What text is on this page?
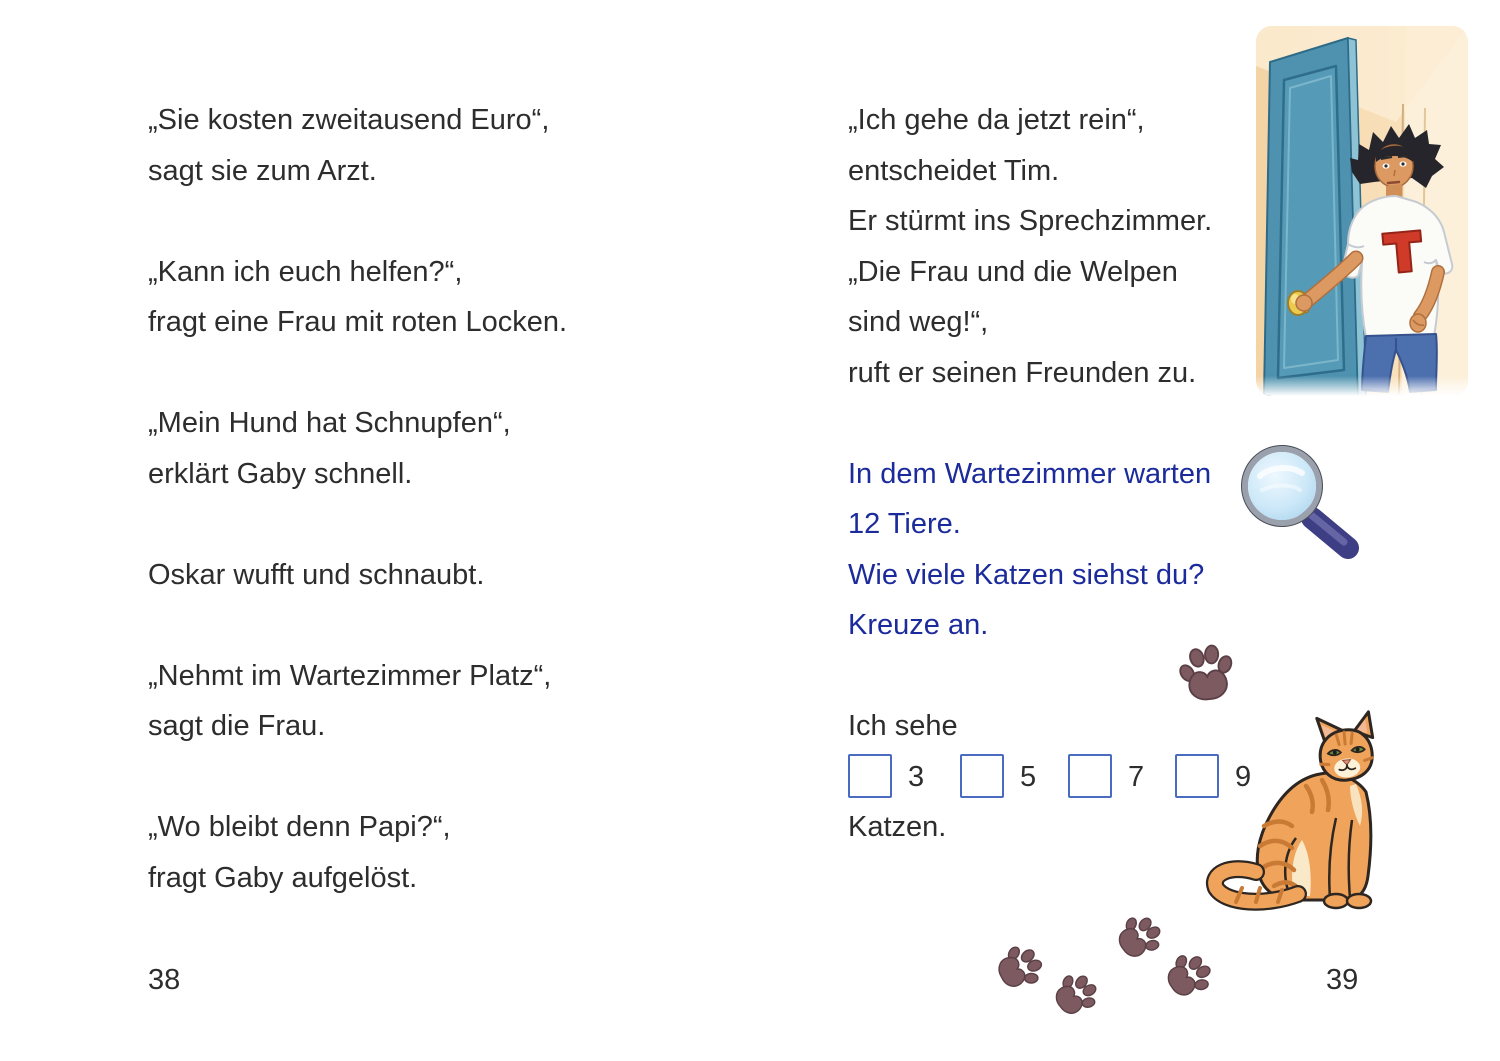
„Sie kosten zweitausend Euro“,
sagt sie zum Arzt.

„Kann ich euch helfen?“,
fragt eine Frau mit roten Locken.

„Mein Hund hat Schnupfen“,
erklärt Gaby schnell.

Oskar wufft und schnaubt.

„Nehmt im Wartezimmer Platz“,
sagt die Frau.

„Wo bleibt denn Papi?“,
fragt Gaby aufgelöst.

38

„Ich gehe da jetzt rein“,
entscheidet Tim.
Er stürmt ins Sprechzimmer.
„Die Frau und die Welpen
sind weg!“,
ruft er seinen Freunden zu.

In dem Wartezimmer warten
12 Tiere.
Wie viele Katzen siehst du?
Kreuze an.

Ich sehe
3	5	7	9
Katzen.
39
